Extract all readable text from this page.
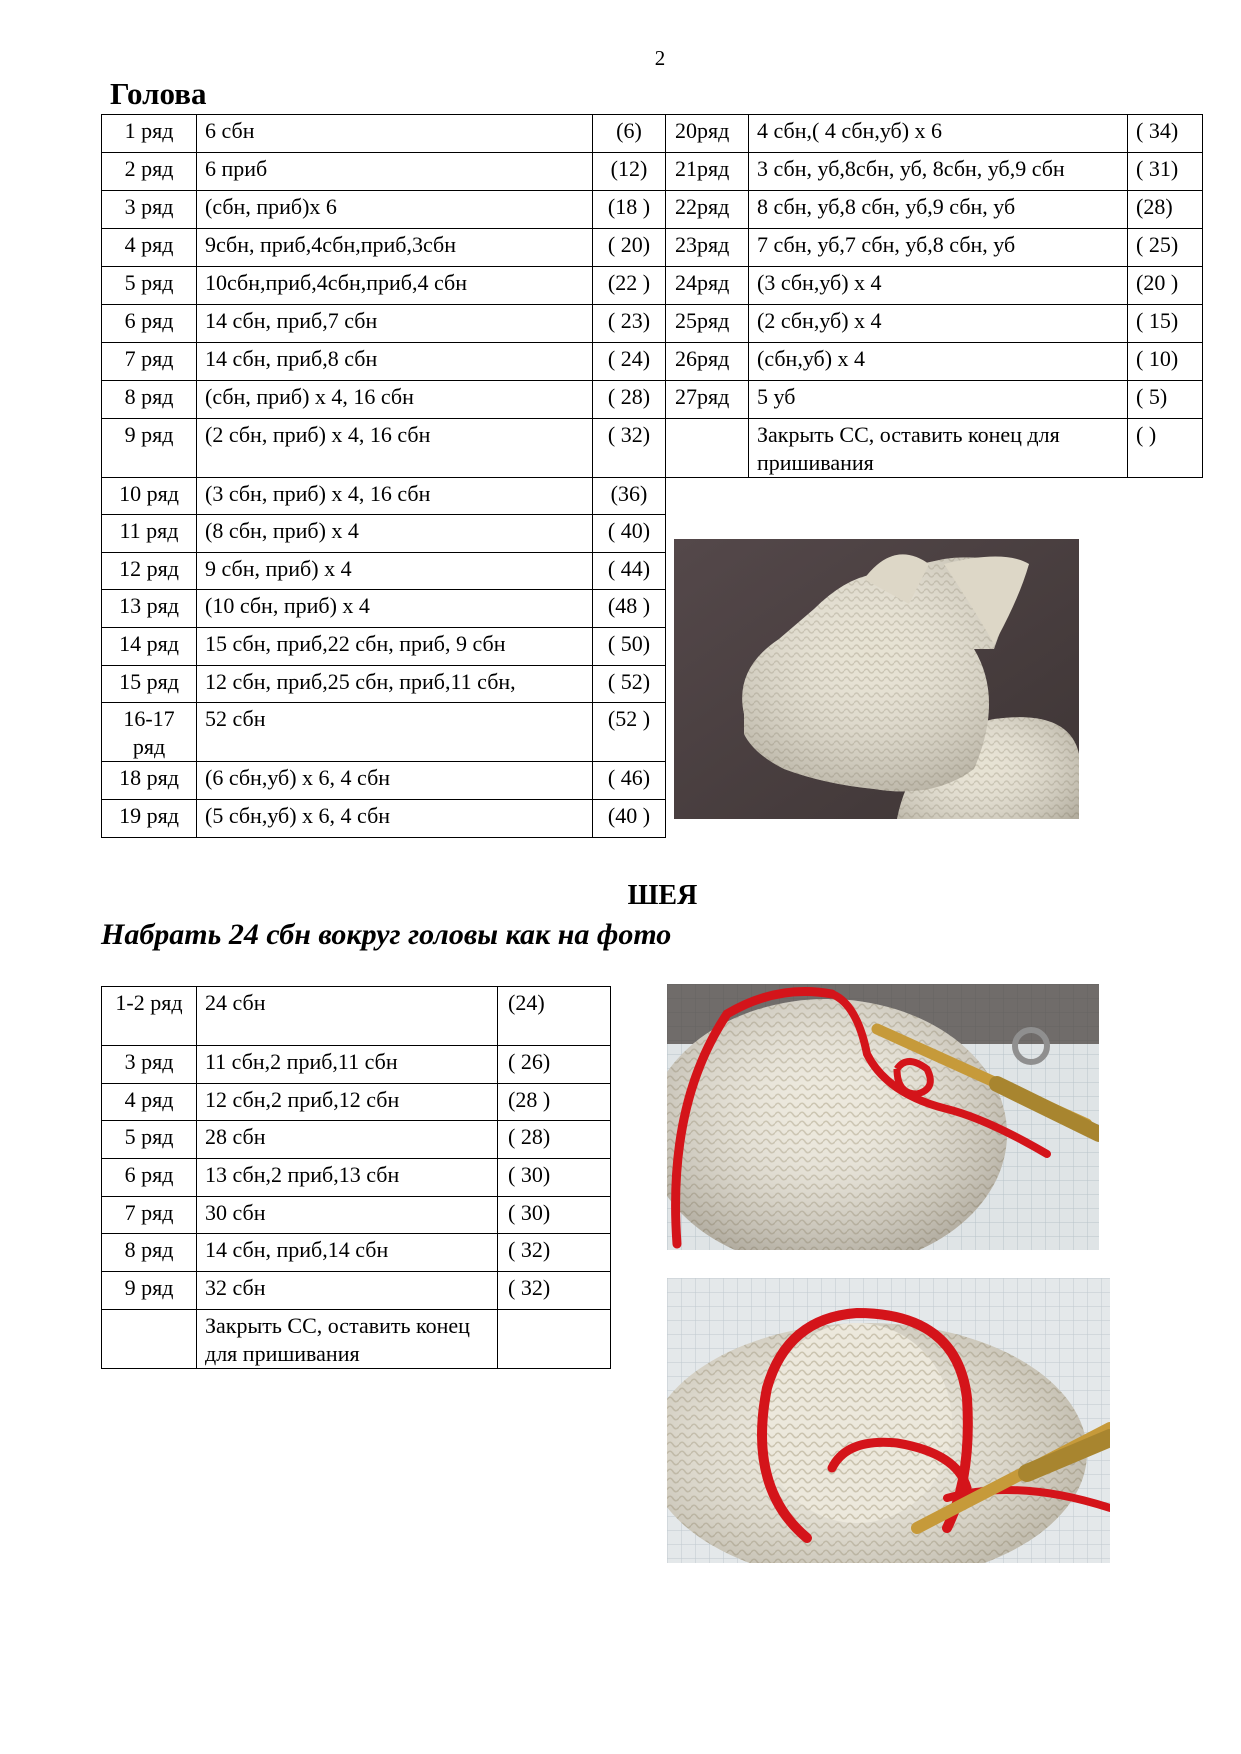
2
Голова
1 ряд	6 сбн	(6)
2 ряд	6 приб	(12)
3 ряд	(сбн, приб)х 6	(18 )
4 ряд	9сбн, приб,4сбн,приб,3сбн	( 20)
5 ряд	10сбн,приб,4сбн,приб,4 сбн	(22 )
6 ряд	14 сбн, приб,7 сбн	( 23)
7 ряд	14 сбн, приб,8 сбн	( 24)
8 ряд	(сбн, приб) х 4, 16 сбн	( 28)
9 ряд	(2 сбн, приб) х 4, 16 сбн	( 32)
10 ряд	(3 сбн, приб) х 4, 16 сбн	(36)
11 ряд	(8 сбн, приб) х 4	( 40)
12 ряд	9 сбн, приб) х 4	( 44)
13 ряд	(10 сбн, приб) х 4	(48 )
14 ряд	15 сбн, приб,22 сбн, приб, 9 сбн	( 50)
15 ряд	12 сбн, приб,25 сбн, приб,11 сбн,	( 52)
16-17 ряд	52 сбн	(52 )
18 ряд	(6 сбн,уб) х 6, 4 сбн	( 46)
19 ряд	(5 сбн,уб) х 6, 4 сбн	(40 )
20ряд	4 сбн,( 4 сбн,уб) х 6	( 34)
21ряд	3 сбн, уб,8сбн, уб, 8сбн, уб,9 сбн	( 31)
22ряд	8 сбн, уб,8 сбн, уб,9 сбн, уб	(28)
23ряд	7 сбн, уб,7 сбн, уб,8 сбн, уб	( 25)
24ряд	(3 сбн,уб) х 4	(20 )
25ряд	(2 сбн,уб) х 4	( 15)
26ряд	(сбн,уб) х 4	( 10)
27ряд	5 уб	( 5)
	Закрыть СС, оставить конец для пришивания	( )
ШЕЯ
Набрать 24 сбн вокруг головы как на фото
1-2 ряд	24 сбн	(24)
3 ряд	11 сбн,2 приб,11 сбн	( 26)
4 ряд	12 сбн,2 приб,12 сбн	(28 )
5 ряд	28 сбн	( 28)
6 ряд	13 сбн,2 приб,13 сбн	( 30)
7 ряд	30 сбн	( 30)
8 ряд	14 сбн, приб,14 сбн	( 32)
9 ряд	32 сбн	( 32)
	Закрыть СС, оставить конец для пришивания	
